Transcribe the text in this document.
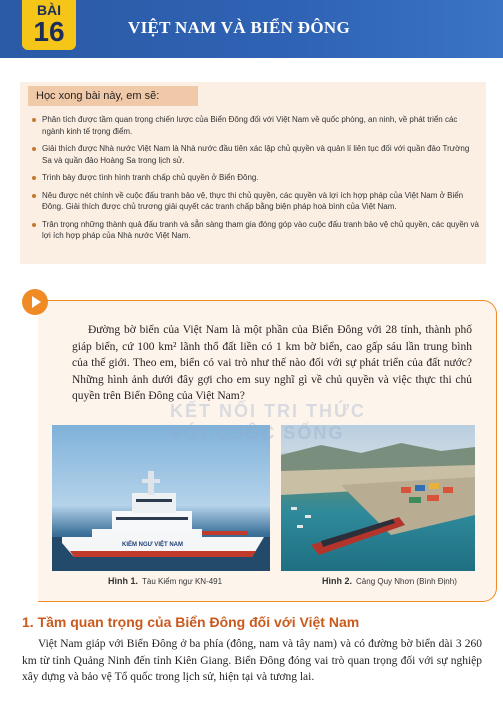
BÀI
16	VIỆT NAM VÀ BIỂN ĐÔNG
Học xong bài này, em sẽ:
Phân tích được tầm quan trọng chiến lược của Biển Đông đối với Việt Nam về quốc phòng, an ninh, về phát triển các ngành kinh tế trọng điểm.
Giải thích được Nhà nước Việt Nam là Nhà nước đầu tiên xác lập chủ quyền và quản lí liên tục đối với quần đảo Trường Sa và quần đảo Hoàng Sa trong lịch sử.
Trình bày được tình hình tranh chấp chủ quyền ở Biển Đông.
Nêu được nét chính về cuộc đấu tranh bảo vệ, thực thi chủ quyền, các quyền và lợi ích hợp pháp của Việt Nam ở Biển Đông. Giải thích được chủ trương giải quyết các tranh chấp bằng biện pháp hoà bình của Việt Nam.
Trân trọng những thành quả đấu tranh và sẵn sàng tham gia đóng góp vào cuộc đấu tranh bảo vệ chủ quyền, các quyền và lợi ích hợp pháp của Nhà nước Việt Nam.
Đường bờ biển của Việt Nam là một phần của Biển Đông với 28 tỉnh, thành phố giáp biển, cứ 100 km² lãnh thổ đất liền có 1 km bờ biển, cao gấp sáu lần trung bình của thế giới. Theo em, biển có vai trò như thế nào đối với sự phát triển của đất nước? Những hình ảnh dưới đây gợi cho em suy nghĩ gì về chủ quyền và việc thực thi chủ quyền trên Biển Đông của Việt Nam?
KIỂM NGƯ VIỆT NAM
KẾT NỐI TRI THỨC
VỚI CUỘC SỐNG
Hình 1. Tàu Kiểm ngư KN-491	Hình 2. Cảng Quy Nhơn (Bình Định)
1. Tầm quan trọng của Biển Đông đối với Việt Nam
Việt Nam giáp với Biển Đông ở ba phía (đông, nam và tây nam) và có đường bờ biển dài 3 260 km từ tỉnh Quảng Ninh đến tỉnh Kiên Giang. Biển Đông đóng vai trò quan trọng đối với sự nghiệp xây dựng và bảo vệ Tổ quốc trong lịch sử, hiện tại và tương lai.
